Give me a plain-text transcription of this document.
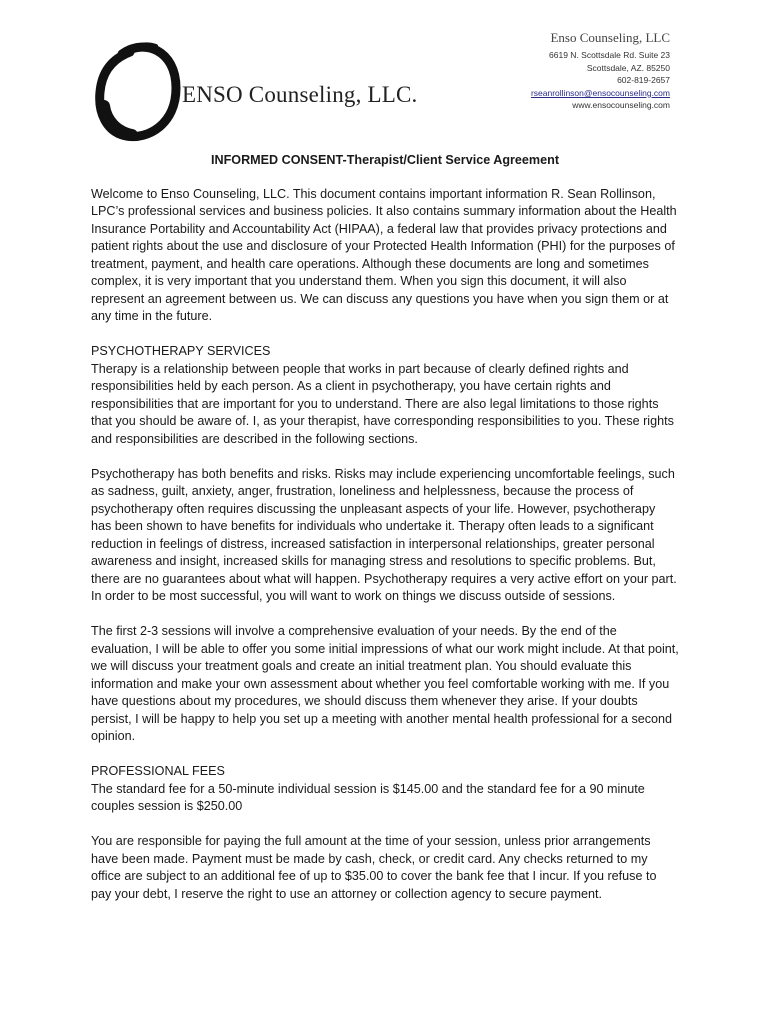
ENSO Counseling, LLC.
Enso Counseling, LLC
6619 N. Scottsdale Rd. Suite 23
Scottsdale, AZ. 85250
602-819-2657
rseanrollinson@ensocounseling.com
www.ensocounseling.com
INFORMED CONSENT-Therapist/Client Service Agreement

Welcome to Enso Counseling, LLC. This document contains important information R. Sean Rollinson, LPC’s professional services and business policies. It also contains summary information about the Health Insurance Portability and Accountability Act (HIPAA), a federal law that provides privacy protections and patient rights about the use and disclosure of your Protected Health Information (PHI) for the purposes of treatment, payment, and health care operations. Although these documents are long and sometimes complex, it is very important that you understand them. When you sign this document, it will also represent an agreement between us. We can discuss any questions you have when you sign them or at any time in the future.

PSYCHOTHERAPY SERVICES

Therapy is a relationship between people that works in part because of clearly defined rights and responsibilities held by each person. As a client in psychotherapy, you have certain rights and responsibilities that are important for you to understand. There are also legal limitations to those rights that you should be aware of. I, as your therapist, have corresponding responsibilities to you. These rights and responsibilities are described in the following sections.

Psychotherapy has both benefits and risks. Risks may include experiencing uncomfortable feelings, such as sadness, guilt, anxiety, anger, frustration, loneliness and helplessness, because the process of psychotherapy often requires discussing the unpleasant aspects of your life. However, psychotherapy has been shown to have benefits for individuals who undertake it. Therapy often leads to a significant reduction in feelings of distress, increased satisfaction in interpersonal relationships, greater personal awareness and insight, increased skills for managing stress and resolutions to specific problems. But, there are no guarantees about what will happen. Psychotherapy requires a very active effort on your part. In order to be most successful, you will want to work on things we discuss outside of sessions.

The first 2-3 sessions will involve a comprehensive evaluation of your needs. By the end of the evaluation, I will be able to offer you some initial impressions of what our work might include. At that point, we will discuss your treatment goals and create an initial treatment plan. You should evaluate this information and make your own assessment about whether you feel comfortable working with me. If you have questions about my procedures, we should discuss them whenever they arise. If your doubts persist, I will be happy to help you set up a meeting with another mental health professional for a second opinion.

PROFESSIONAL FEES

The standard fee for a 50-minute individual session is $145.00 and the standard fee for a 90 minute couples session is $250.00

You are responsible for paying the full amount at the time of your session, unless prior arrangements have been made. Payment must be made by cash, check, or credit card. Any checks returned to my office are subject to an additional fee of up to $35.00 to cover the bank fee that I incur. If you refuse to pay your debt, I reserve the right to use an attorney or collection agency to secure payment.
